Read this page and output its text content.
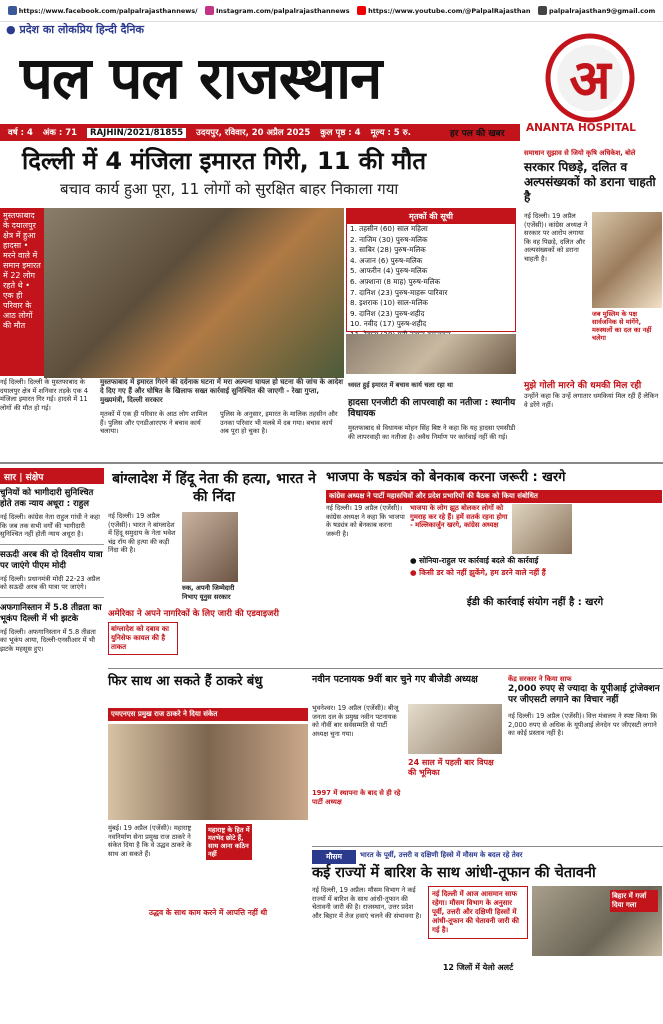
https://www.facebook.com/palpalrajasthannews/	Instagram.com/palpalrajasthannews	https://www.youtube.com/@PalpalRajasthan	palpalrajasthan9@gmail.com
● प्रदेश का लोकप्रिय हिन्दी दैनिक
पल पल राजस्थान	अ
ANANTA HOSPITAL
वर्ष : 4 अंक : 71	RAJHIN/2021/81855	उदयपुर, रविवार, 20 अप्रैल 2025 कुल पृष्ठ : 4 मूल्य : 5 रु.	हर पल की खबर
दिल्ली में 4 मंजिला इमारत गिरी, 11 की मौत
बचाव कार्य हुआ पूरा, 11 लोगों को सुरक्षित बाहर निकाला गया
मुस्तफाबाद के दयालपुर क्षेत्र में हुआ हादसा • मरने वाले में समान इमारत में 22 लोग रहते थे • एक ही परिवार के आठ लोगों की मौत
मृतकों की सूची
1. तहसीन (60) साल महिला
2. नाजिम (30) पुरुष-मलिक
3. साबिर (28) पुरुष-मलिक
4. अजान (6) पुरुष-मलिक
5. आफरीन (4) पुरुष-मलिक
6. अफ़्शाना (8 माह) पुरुष-मलिक
7. दानिश (23) पुरुष-माहरू पारिवार
8. इशराक (10) साल-मलिक
9. दानिश (23) पुरुष-शहीद
10. नवीद (17) पुरुष-शहीद
मुस्तफाबाद में इमारत गिरने की दर्दनाक घटना में मरा अल्पना घायल हो घटना की जांच के आदेश दे दिए गए हैं और घोषित के खिलाफ सख्त कार्रवाई सुनिश्चित की जाएगी - रेखा गुप्ता, मुख्यमंत्री, दिल्ली सरकार
नई दिल्ली। दिल्ली के मुस्तफाबाद के दयालपुर क्षेत्र में शनिवार तड़के एक 4 मंजिला इमारत गिर गई। हादसे में 11 लोगों की मौत हो गई।
मृतकों में एक ही परिवार के आठ लोग शामिल हैं। पुलिस और एनडीआरएफ ने बचाव कार्य चलाया।
पुलिस के अनुसार, इमारत के मालिक तहसीन और उनका परिवार भी मलबे में दब गया। बचाव कार्य अब पूरा हो चुका है।
ध्वस्त हुई इमारत में बचाव कार्य चला रहा था
हादसा एनजीटी की लापरवाही का नतीजा : स्थानीय विधायक
मुस्तफाबाद से विधायक मोहन सिंह बिष्ट ने कहा कि यह हादसा एमसीडी की लापरवाही का नतीजा है। अवैध निर्माण पर कार्रवाई नहीं की गई।
समाधान सुझाव से जियो कृषि अधिकेश, बोले
सरकार पिछड़े, दलित व अल्पसंख्यकों को डराना चाहती है
नई दिल्ली। 19 अप्रैल (एजेंसी)। कांग्रेस अध्यक्ष ने सरकार पर आरोप लगाया कि वह पिछड़े, दलित और अल्पसंख्यकों को डराना चाहती है।
जब मुस्लिम के पक्ष सार्वजनिक से मांगेंगे, मरुस्थलों का दल का नहीं चलेगा
मुझे गोली मारने की धमकी मिल रही
उन्होंने कहा कि उन्हें लगातार धमकियां मिल रही हैं लेकिन वे डरेंगे नहीं।
सार | संक्षेप
चुनियों को भागीदारी सुनिश्चित होते तक न्याय अधूरा : राहुल
नई दिल्ली। कांग्रेस नेता राहुल गांधी ने कहा कि जब तक सभी वर्गों की भागीदारी सुनिश्चित नहीं होती न्याय अधूरा है।
सऊदी अरब की दो दिवसीय यात्रा पर जाएंगे पीएम मोदी
नई दिल्ली। प्रधानमंत्री मोदी 22-23 अप्रैल को सऊदी अरब की यात्रा पर जाएंगे।
अफगानिस्तान में 5.8 तीव्रता का भूकंप दिल्ली में भी झटके
नई दिल्ली। अफगानिस्तान में 5.8 तीव्रता का भूकंप आया, दिल्ली-एनसीआर में भी झटके महसूस हुए।
बांग्लादेश में हिंदू नेता की हत्या, भारत ने की निंदा
नई दिल्ली। 19 अप्रैल (एजेंसी)। भारत ने बांग्लादेश में हिंदू समुदाय के नेता भवेश चंद्र रॉय की हत्या की कड़ी निंदा की है।
रुक, अपनी जिम्मेदारी निभाए यूनुस सरकार
अमेरिका ने अपने नागरिकों के लिए जारी की एडवाइजरी
बांग्लादेश को दबाव का युनिसेफ कायल की है ताकत
भाजपा के षड्यंत्र को बेनकाब करना जरूरी : खरगे
कांग्रेस अध्यक्ष ने पार्टी महासचिवों और प्रदेश प्रभारियों की बैठक को किया संबोधित
नई दिल्ली। 19 अप्रैल (एजेंसी)। कांग्रेस अध्यक्ष ने कहा कि भाजपा के षड्यंत्र को बेनकाब करना जरूरी है।
भाजपा के लोग झूठ बोलकर लोगों को गुमराह कर रहे हैं। हमें सतर्क रहना होगा - मल्लिकार्जुन खरगे, कांग्रेस अध्यक्ष
● सोनिया-राहुल पर कार्रवाई बदले की कार्रवाई
● किसी डर को नहीं झुकेंगे, हम डरने वाले नहीं हैं
ईडी की कार्रवाई संयोग नहीं है : खरगे
फिर साथ आ सकते हैं ठाकरे बंधु
एमएनएस प्रमुख राज ठाकरे ने दिया संकेत
मुंबई। 19 अप्रैल (एजेंसी)। महाराष्ट्र नवनिर्माण सेना प्रमुख राज ठाकरे ने संकेत दिया है कि वे उद्धव ठाकरे के साथ आ सकते हैं।
महाराष्ट्र के हित में मतभेद छोटे हैं, साथ आना कठिन नहीं
उद्धव के साथ काम करने में आपत्ति नहीं थी
नवीन पटनायक 9वीं बार चुने गए बीजेडी अध्यक्ष
भुवनेश्वर। 19 अप्रैल (एजेंसी)। बीजू जनता दल के प्रमुख नवीन पटनायक को नौवीं बार सर्वसम्मति से पार्टी अध्यक्ष चुना गया।
24 साल में पहली बार विपक्ष की भूमिका
1997 में स्थापना के बाद से ही रहे पार्टी अध्यक्ष
केंद्र सरकार ने किया साफ
2,000 रुपए से ज्यादा के यूपीआई ट्रांजेक्शन पर जीएसटी लगाने का विचार नहीं
नई दिल्ली। 19 अप्रैल (एजेंसी)। वित्त मंत्रालय ने स्पष्ट किया कि 2,000 रुपए से अधिक के यूपीआई लेनदेन पर जीएसटी लगाने का कोई प्रस्ताव नहीं है।
मौसम	भारत के पूर्वी, उत्तरी व दक्षिणी हिस्से में मौसम के बदल रहे तेवर
कई राज्यों में बारिश के साथ आंधी-तूफान की चेतावनी
नई दिल्ली, 19 अप्रैल। मौसम विभाग ने कई राज्यों में बारिश के साथ आंधी-तूफान की चेतावनी जारी की है। राजस्थान, उत्तर प्रदेश और बिहार में तेज हवाएं चलने की संभावना है।
नई दिल्ली में आज आसमान साफ रहेगा। मौसम विभाग के अनुसार पूर्वी, उत्तरी और दक्षिणी हिस्सों में आंधी-तूफान की चेतावनी जारी की गई है।
12 जिलों में येलो अलर्ट
बिहार में गर्जा दिया गला
